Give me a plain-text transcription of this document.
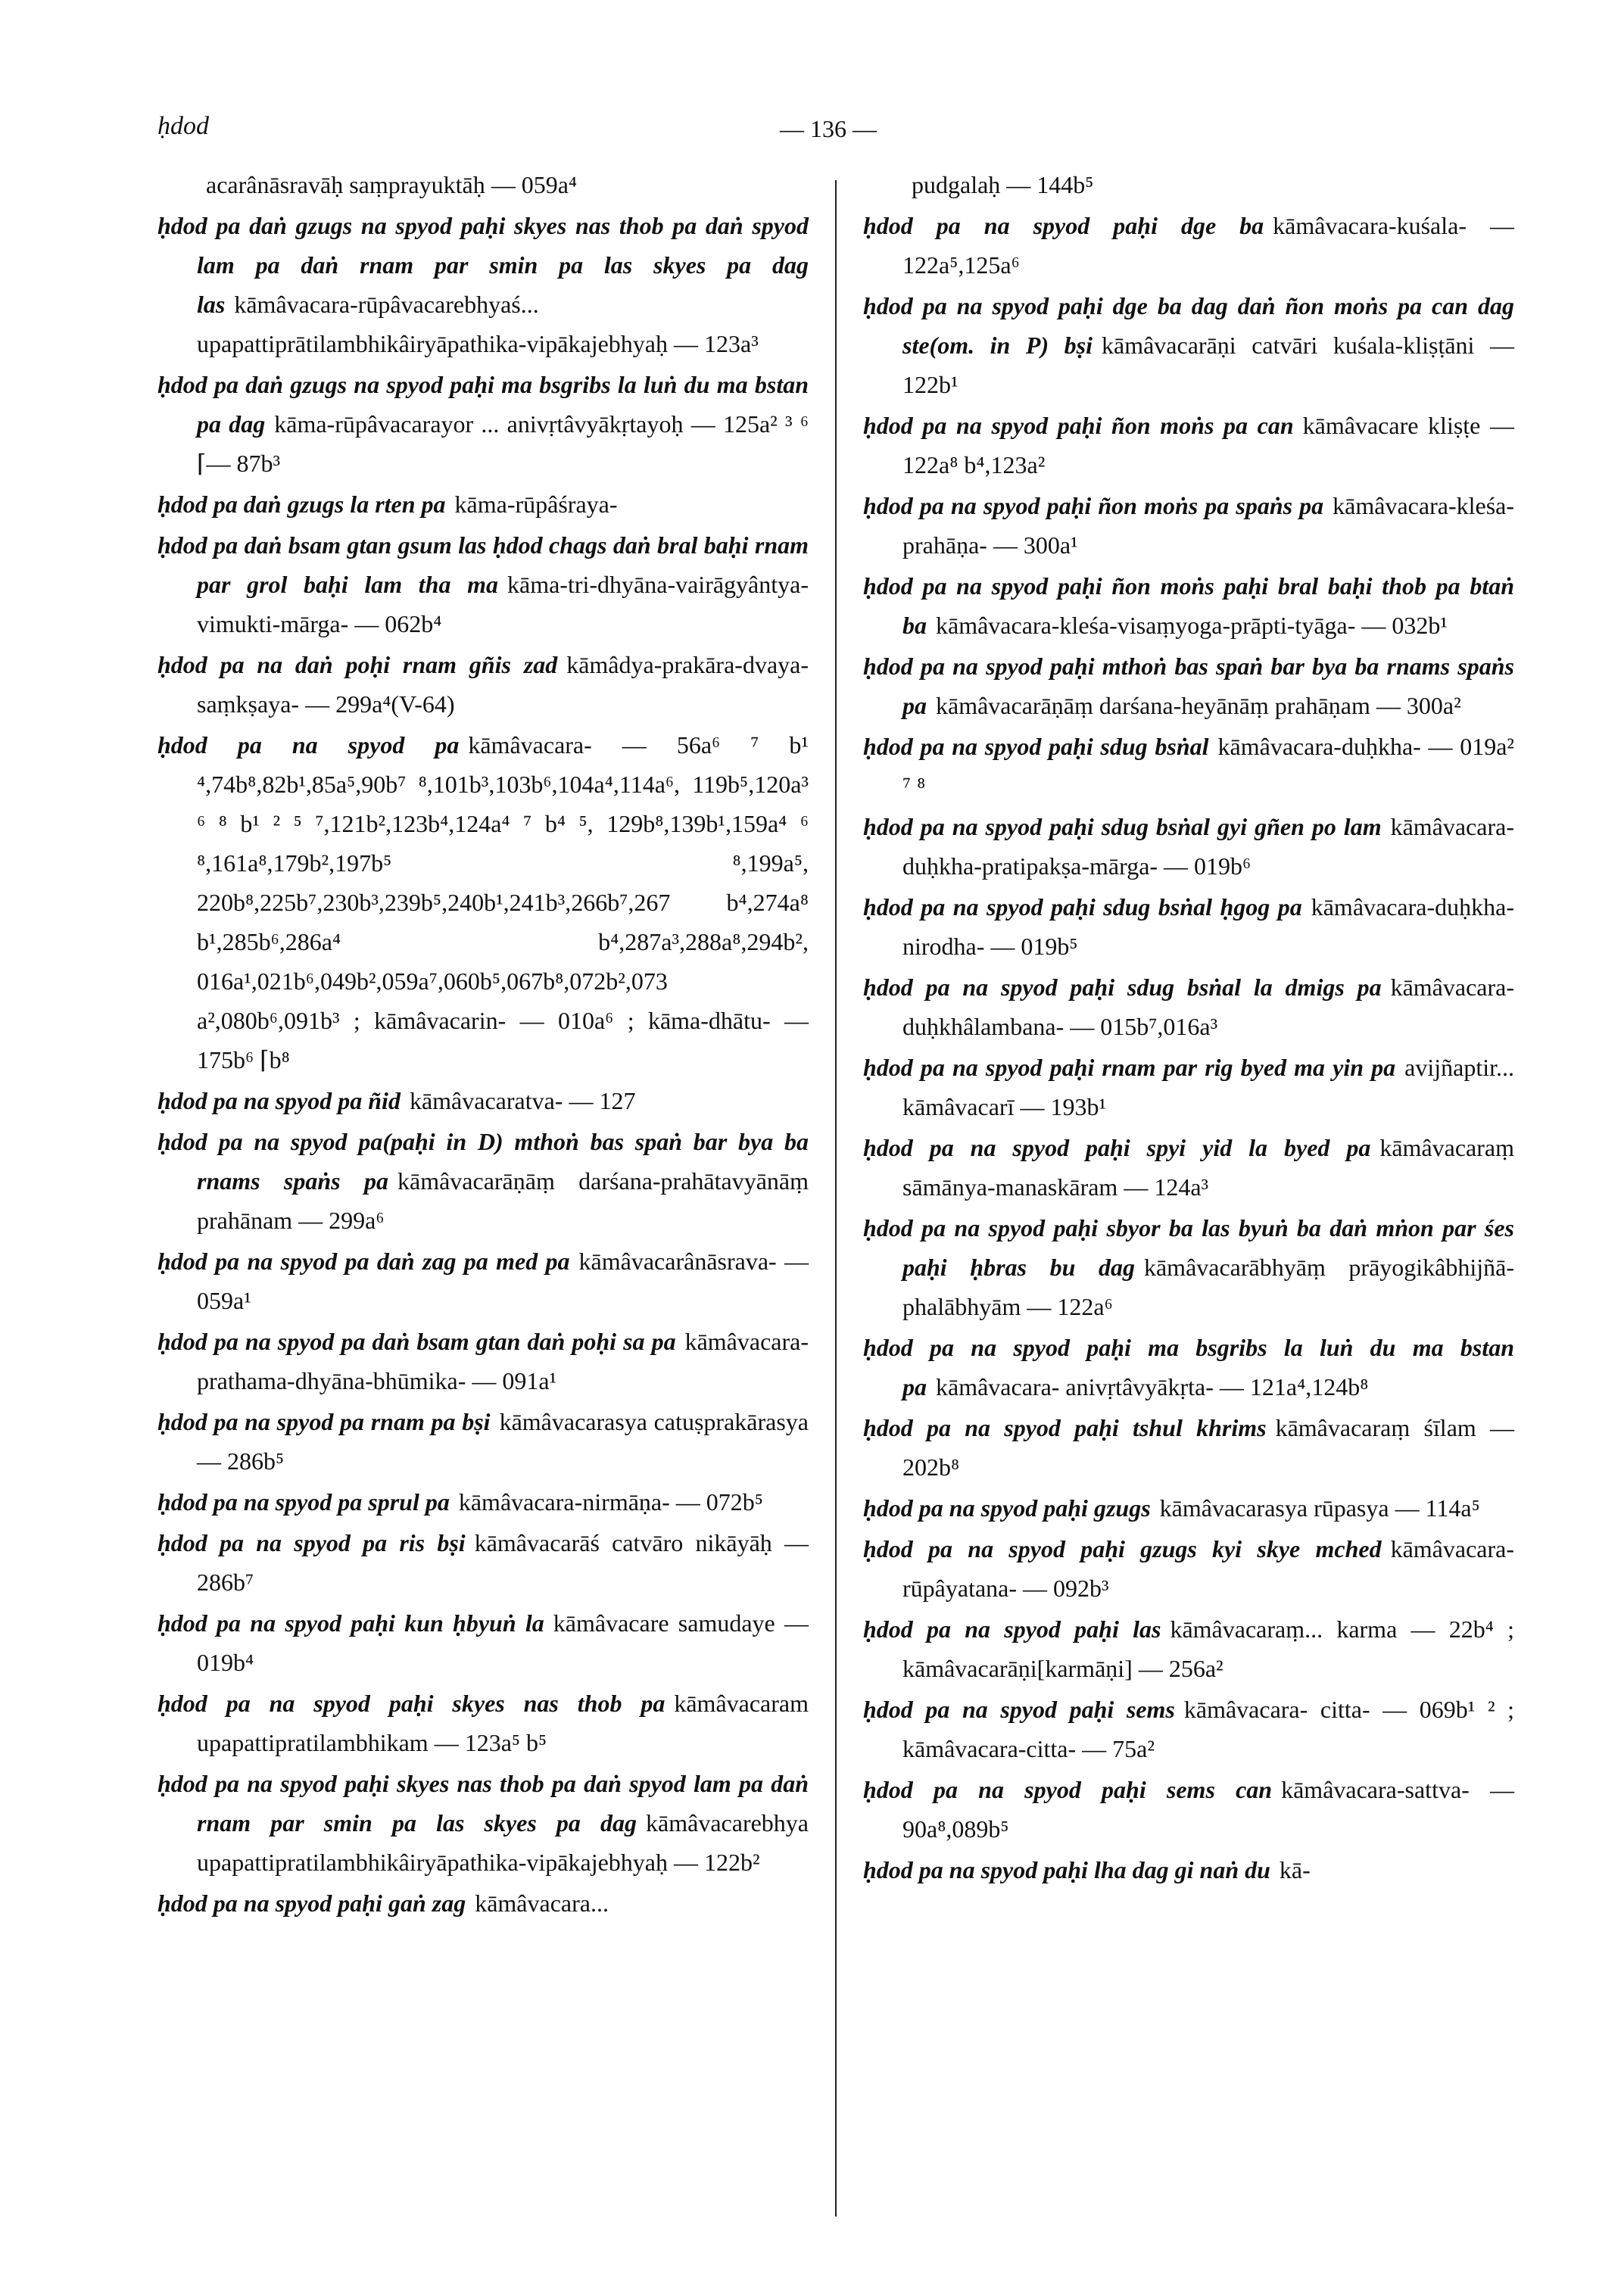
ḥdod	— 136 —

acarânāsravāḥ saṃprayuktāḥ — 059a⁴

ḥdod pa daṅ gzugs na spyod paḥi skyes nas thob pa daṅ spyod lam pa daṅ rnam par smin pa las skyes pa dag las kāmâvacara-rūpâvacarebhyaś... upapattiprātilambhikâiryāpathika-vipākajebhyaḥ — 123a³

ḥdod pa daṅ gzugs na spyod paḥi ma bsgribs la luṅ du ma bstan pa dag kāma-rūpâvacarayor ... anivṛtâvyākṛtayoḥ — 125a² ³ ⁶ ⌈— 87b³

ḥdod pa daṅ gzugs la rten pa kāma-rūpâśraya-

ḥdod pa daṅ bsam gtan gsum las ḥdod chags daṅ bral baḥi rnam par grol baḥi lam tha ma kāma-tri-dhyāna-vairāgyântya-vimukti-mārga- — 062b⁴

ḥdod pa na daṅ poḥi rnam gñis zad kāmâdya-prakāra-dvaya-saṃkṣaya- — 299a⁴(V-64)

ḥdod pa na spyod pa kāmâvacara- — 56a⁶ ⁷ b¹ ⁴,74b⁸,82b¹,85a⁵,90b⁷ ⁸,101b³,103b⁶,104a⁴,114a⁶, 119b⁵,120a³ ⁶ ⁸ b¹ ² ⁵ ⁷,121b²,123b⁴,124a⁴ ⁷ b⁴ ⁵, 129b⁸,139b¹,159a⁴ ⁶ ⁸,161a⁸,179b²,197b⁵ ⁸,199a⁵, 220b⁸,225b⁷,230b³,239b⁵,240b¹,241b³,266b⁷,267 b⁴,274a⁸ b¹,285b⁶,286a⁴ b⁴,287a³,288a⁸,294b², 016a¹,021b⁶,049b²,059a⁷,060b⁵,067b⁸,072b²,073 a²,080b⁶,091b³ ; kāmâvacarin- — 010a⁶ ; kāma-dhātu- — 175b⁶ ⌈b⁸

ḥdod pa na spyod pa ñid kāmâvacaratva- — 127

ḥdod pa na spyod pa(paḥi in D) mthoṅ bas spaṅ bar bya ba rnams spaṅs pa kāmâvacarāṇāṃ darśana-prahātavyānāṃ prahānam — 299a⁶

ḥdod pa na spyod pa daṅ zag pa med pa kāmâvacarânāsrava- — 059a¹

ḥdod pa na spyod pa daṅ bsam gtan daṅ poḥi sa pa kāmâvacara-prathama-dhyāna-bhūmika- — 091a¹

ḥdod pa na spyod pa rnam pa bṣi kāmâvacarasya catuṣprakārasya — 286b⁵

ḥdod pa na spyod pa sprul pa kāmâvacara-nirmāṇa- — 072b⁵

ḥdod pa na spyod pa ris bṣi kāmâvacarāś catvāro nikāyāḥ — 286b⁷

ḥdod pa na spyod paḥi kun ḥbyuṅ la kāmâvacare samudaye — 019b⁴

ḥdod pa na spyod paḥi skyes nas thob pa kāmâvacaram upapattipratilambhikam — 123a⁵ b⁵

ḥdod pa na spyod paḥi skyes nas thob pa daṅ spyod lam pa daṅ rnam par smin pa las skyes pa dag kāmâvacarebhya upapattipratilambhikâiryāpathika-vipākajebhyaḥ — 122b²

ḥdod pa na spyod paḥi gaṅ zag kāmâvacara...

pudgalaḥ — 144b⁵

ḥdod pa na spyod paḥi dge ba kāmâvacara-kuśala- — 122a⁵,125a⁶

ḥdod pa na spyod paḥi dge ba dag daṅ ñon moṅs pa can dag ste(om. in P) bṣi kāmâvacarāṇi catvāri kuśala-kliṣṭāni — 122b¹

ḥdod pa na spyod paḥi ñon moṅs pa can kāmâvacare kliṣṭe — 122a⁸ b⁴,123a²

ḥdod pa na spyod paḥi ñon moṅs pa spaṅs pa kāmâvacara-kleśa-prahāṇa- — 300a¹

ḥdod pa na spyod paḥi ñon moṅs paḥi bral baḥi thob pa btaṅ ba kāmâvacara-kleśa-visaṃyoga-prāpti-tyāga- — 032b¹

ḥdod pa na spyod paḥi mthoṅ bas spaṅ bar bya ba rnams spaṅs pa kāmâvacarāṇāṃ darśana-heyānāṃ prahāṇam — 300a²

ḥdod pa na spyod paḥi sdug bsṅal kāmâvacara-duḥkha- — 019a² ⁷ ⁸

ḥdod pa na spyod paḥi sdug bsṅal gyi gñen po lam kāmâvacara-duḥkha-pratipakṣa-mārga- — 019b⁶

ḥdod pa na spyod paḥi sdug bsṅal ḥgog pa kāmâvacara-duḥkha-nirodha- — 019b⁵

ḥdod pa na spyod paḥi sdug bsṅal la dmigs pa kāmâvacara-duḥkhâlambana- — 015b⁷,016a³

ḥdod pa na spyod paḥi rnam par rig byed ma yin pa avijñaptir... kāmâvacarī — 193b¹

ḥdod pa na spyod paḥi spyi yid la byed pa kāmâvacaraṃ sāmānya-manaskāram — 124a³

ḥdod pa na spyod paḥi sbyor ba las byuṅ ba daṅ mṅon par śes paḥi ḥbras bu dag kāmâvacarābhyāṃ prāyogikâbhijñā-phalābhyām — 122a⁶

ḥdod pa na spyod paḥi ma bsgribs la luṅ du ma bstan pa kāmâvacara- anivṛtâvyākṛta- — 121a⁴,124b⁸

ḥdod pa na spyod paḥi tshul khrims kāmâvacaraṃ śīlam — 202b⁸

ḥdod pa na spyod paḥi gzugs kāmâvacarasya rūpasya — 114a⁵

ḥdod pa na spyod paḥi gzugs kyi skye mched kāmâvacara-rūpâyatana- — 092b³

ḥdod pa na spyod paḥi las kāmâvacaraṃ... karma — 22b⁴ ; kāmâvacarāṇi[karmāṇi] — 256a²

ḥdod pa na spyod paḥi sems kāmâvacara- citta- — 069b¹ ² ; kāmâvacara-citta- — 75a²

ḥdod pa na spyod paḥi sems can kāmâvacara-sattva- — 90a⁸,089b⁵

ḥdod pa na spyod paḥi lha dag gi naṅ du kā-
